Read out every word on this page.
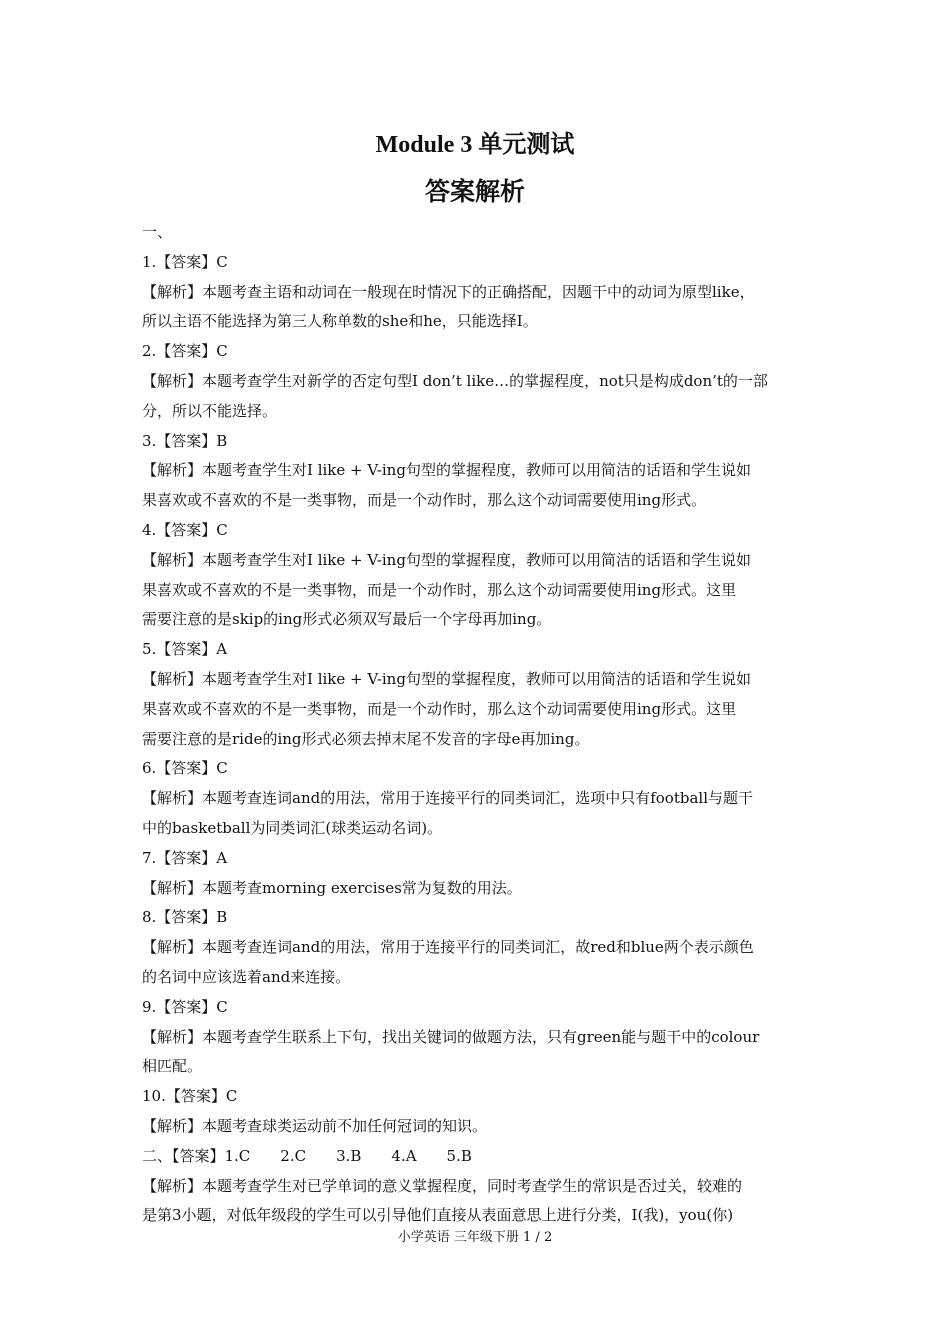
Module 3 单元测试
答案解析
一、
1.【答案】C
【解析】本题考查主语和动词在一般现在时情况下的正确搭配，因题干中的动词为原型like，
所以主语不能选择为第三人称单数的she和he，只能选择I。
2.【答案】C
【解析】本题考查学生对新学的否定句型I don’t like…的掌握程度，not只是构成don’t的一部
分，所以不能选择。
3.【答案】B
【解析】本题考查学生对I like + V-ing句型的掌握程度，教师可以用简洁的话语和学生说如
果喜欢或不喜欢的不是一类事物，而是一个动作时，那么这个动词需要使用ing形式。
4.【答案】C
【解析】本题考查学生对I like + V-ing句型的掌握程度，教师可以用简洁的话语和学生说如
果喜欢或不喜欢的不是一类事物，而是一个动作时，那么这个动词需要使用ing形式。这里
需要注意的是skip的ing形式必须双写最后一个字母再加ing。
5.【答案】A
【解析】本题考查学生对I like + V-ing句型的掌握程度，教师可以用简洁的话语和学生说如
果喜欢或不喜欢的不是一类事物，而是一个动作时，那么这个动词需要使用ing形式。这里
需要注意的是ride的ing形式必须去掉末尾不发音的字母e再加ing。
6.【答案】C
【解析】本题考查连词and的用法，常用于连接平行的同类词汇，选项中只有football与题干
中的basketball为同类词汇(球类运动名词)。
7.【答案】A
【解析】本题考查morning exercises常为复数的用法。
8.【答案】B
【解析】本题考查连词and的用法，常用于连接平行的同类词汇，故red和blue两个表示颜色
的名词中应该选着and来连接。
9.【答案】C
【解析】本题考查学生联系上下句，找出关键词的做题方法，只有green能与题干中的colour
相匹配。
10.【答案】C
【解析】本题考查球类运动前不加任何冠词的知识。
二、【答案】1.C　　2.C　　3.B　　4.A　　5.B
【解析】本题考查学生对已学单词的意义掌握程度，同时考查学生的常识是否过关，较难的
是第3小题，对低年级段的学生可以引导他们直接从表面意思上进行分类，I(我)，you(你)
小学英语 三年级下册 1 / 2
